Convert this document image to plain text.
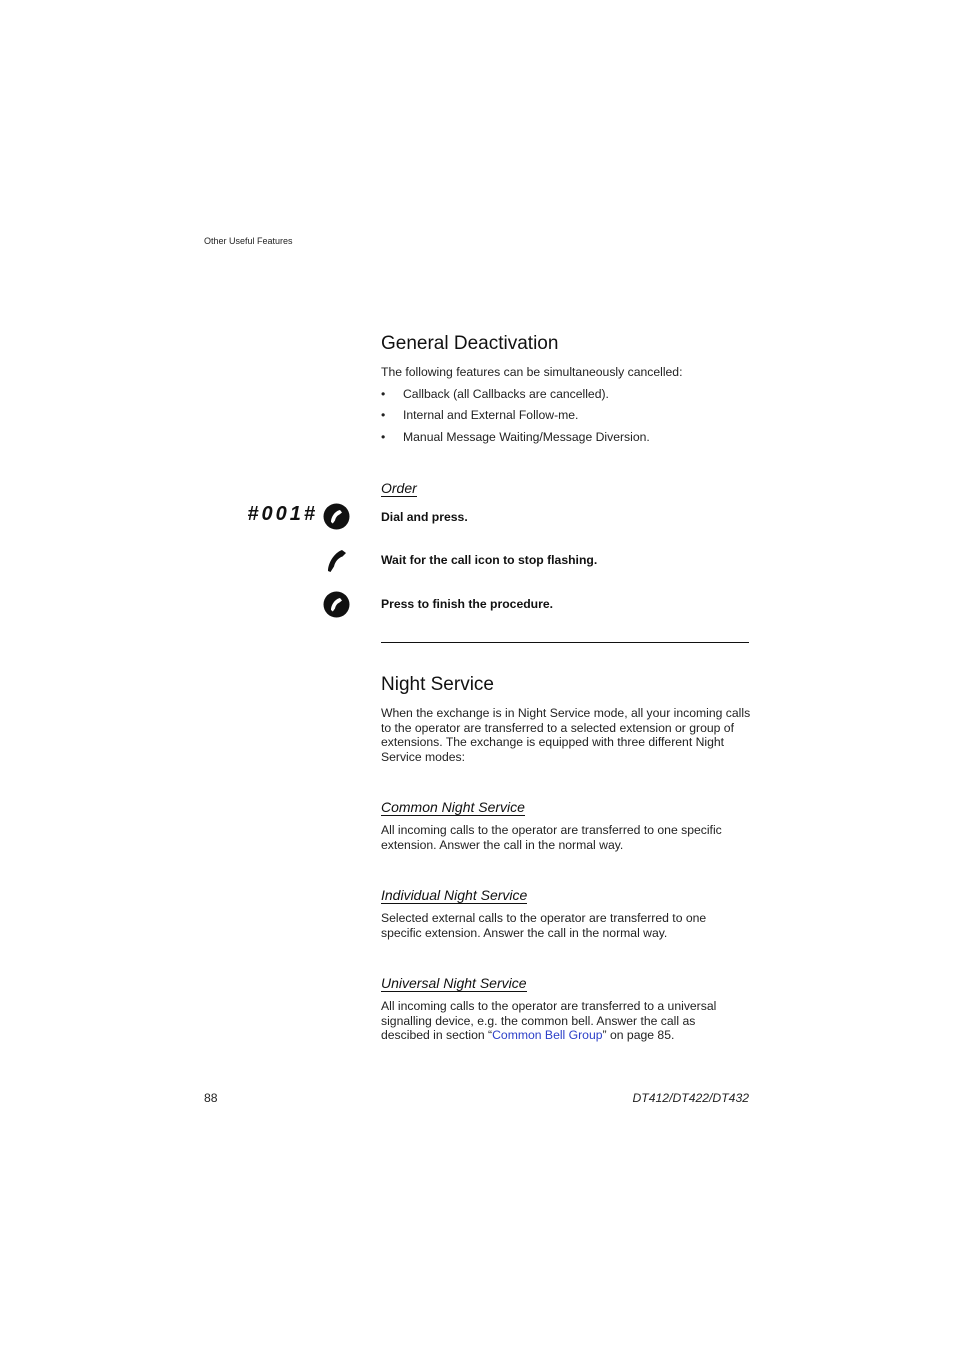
Other Useful Features
General Deactivation
The following features can be simultaneously cancelled:
• Callback (all Callbacks are cancelled).
• Internal and External Follow-me.
• Manual Message Waiting/Message Diversion.
Order
#001#	Dial and press.
Wait for the call icon to stop flashing.
Press to finish the procedure.
Night Service
When the exchange is in Night Service mode, all your incoming calls to the operator are transferred to a selected extension or group of extensions. The exchange is equipped with three different Night Service modes:
Common Night Service
All incoming calls to the operator are transferred to one specific extension. Answer the call in the normal way.
Individual Night Service
Selected external calls to the operator are transferred to one specific extension. Answer the call in the normal way.
Universal Night Service
All incoming calls to the operator are transferred to a universal signalling device, e.g. the common bell. Answer the call as descibed in section “Common Bell Group” on page 85.
88	DT412/DT422/DT432
